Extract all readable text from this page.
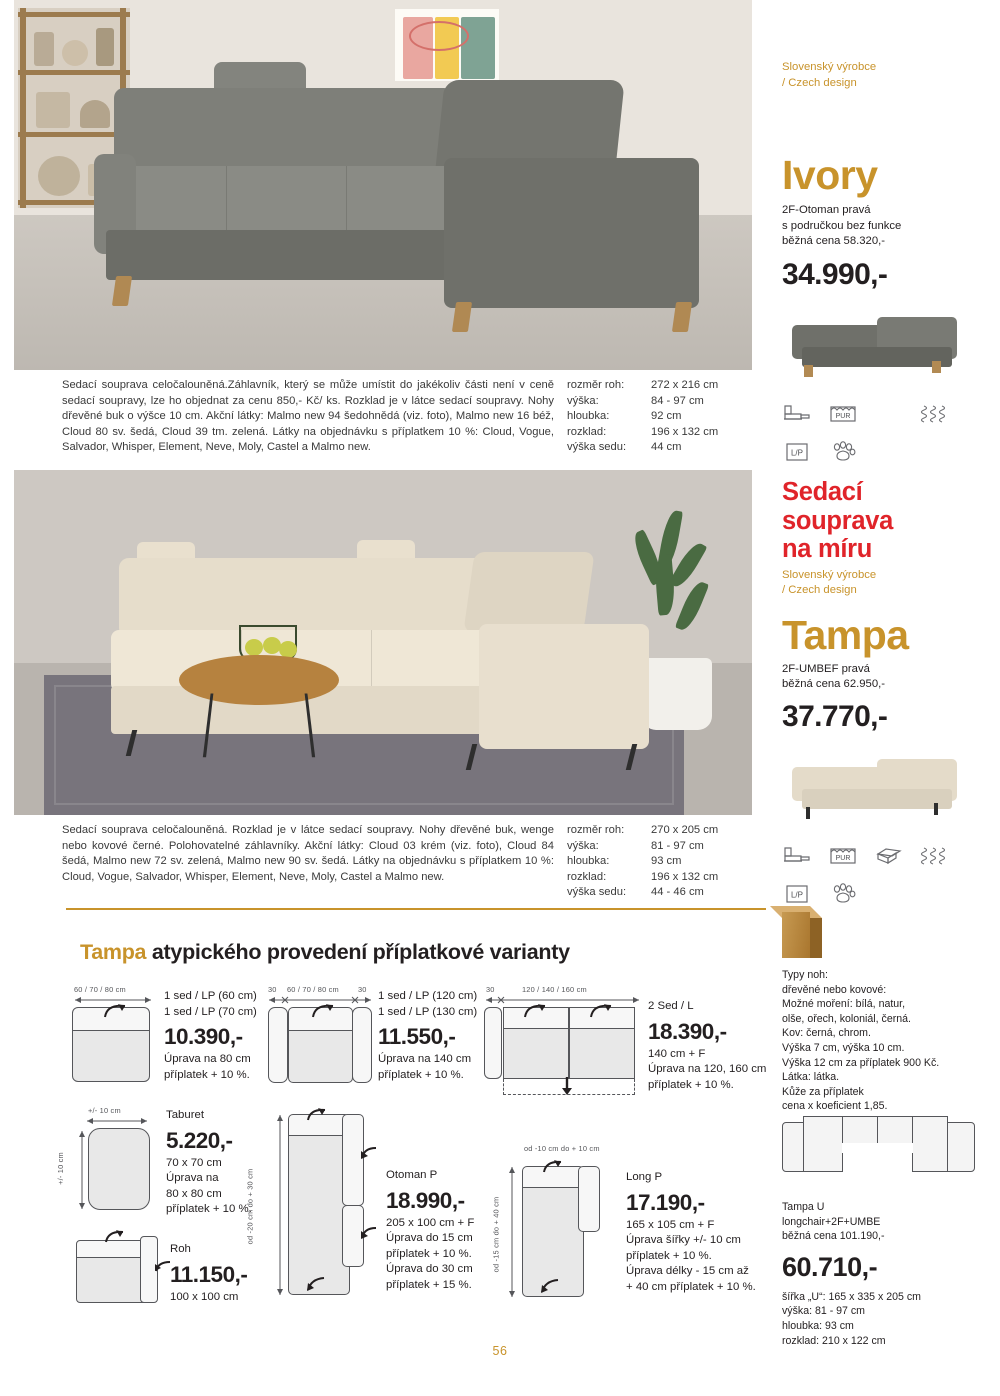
Sedací souprava celočalouněná.Záhlavník, který se může umístit do jakékoliv části není v ceně sedací soupravy, lze ho objednat za cenu 850,- Kč/ ks. Rozklad je v látce sedací soupravy. Nohy dřevěné buk o výšce 10 cm. Akční látky: Malmo new 94 šedohnědá (viz. foto), Malmo new 16 béž, Cloud 80 sv. šedá, Cloud 39 tm. zelená. Látky na objednávku s příplatkem 10 %: Cloud, Vogue, Salvador, Whisper, Element, Neve, Moly, Castel a Malmo new.
rozměr roh:	272 x 216 cm
výška:	84 - 97 cm
hloubka:	92 cm
rozklad:	196 x 132 cm
výška sedu:	44 cm
Slovenský výrobce
/ Czech design
Ivory
2F-Otoman pravá
s područkou bez funkce
běžná cena 58.320,-
34.990,-
PUR
L/P
Sedací souprava celočalouněná. Rozklad je v látce sedací soupravy. Nohy dřevěné buk, wenge nebo kovové černé. Polohovatelné záhlavníky. Akční látky: Cloud 03 krém (viz. foto), Cloud 84 šedá, Malmo new 72 sv. zelená, Malmo new 90 sv. šedá. Látky na objednávku s příplatkem 10 %: Cloud, Vogue, Salvador, Whisper, Element, Neve, Moly, Castel a Malmo new.
rozměr roh:	270 x 205 cm
výška:	81 - 97 cm
hloubka:	93 cm
rozklad:	196 x 132 cm
výška sedu:	44 - 46 cm
Sedací
souprava
na míru
Slovenský výrobce
/ Czech design
Tampa
2F-UMBEF pravá
běžná cena 62.950,-
37.770,-
PUR
L/P
Typy noh:
dřevěné nebo kovové:
Možné moření: bílá, natur,
olše, ořech, koloniál, černá.
Kov: černá, chrom.
Výška 7 cm, výška 10 cm.
Výška 12 cm za příplatek 900 Kč.
Látka: látka.
Kůže za příplatek
cena x koeficient 1,85.
Tampa U
longchair+2F+UMBE
běžná cena 101.190,-
60.710,-
šířka „U“: 165 x 335 x 205 cm
výška: 81 - 97 cm
hloubka: 93 cm
rozklad: 210 x 122 cm
Tampa atypického provedení příplatkové varianty
60 / 70 / 80 cm
1 sed / LP (60 cm)
1 sed / LP (70 cm)
10.390,-
Úprava na 80 cm
příplatek + 10 %.
30 60 / 70 / 80 cm	30
1 sed / LP (120 cm)
1 sed / LP (130 cm)
11.550,-
Úprava na 140 cm
příplatek + 10 %.
30	120 / 140 / 160 cm
2 Sed / L
18.390,-
140 cm + F
Úprava na 120, 160 cm
příplatek + 10 %.
+/- 10 cm
+/- 10 cm
Taburet
5.220,-
70 x 70 cm
Úprava na
80 x 80 cm
příplatek + 10 %.
Roh
11.150,-
100 x 100 cm
od -20 cm do + 30 cm	Otoman P
18.990,-
205 x 100 cm + F
Úprava do 15 cm
příplatek + 10 %.
Úprava do 30 cm
příplatek + 15 %.
od -10 cm do + 10 cm
od -15 cm do + 40 cm
Long P
17.190,-
165 x 105 cm + F
Úprava šířky +/- 10 cm
příplatek + 10 %.
Úprava délky - 15 cm až
+ 40 cm příplatek + 10 %.
56
